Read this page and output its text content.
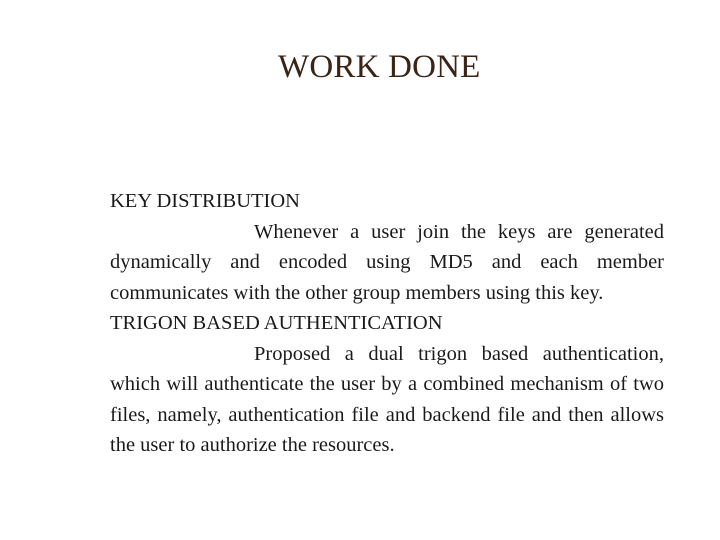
WORK DONE
KEY DISTRIBUTION

Whenever a user join the keys are generated dynamically and encoded using MD5 and each member communicates with the other group members using this key.

TRIGON BASED AUTHENTICATION

Proposed a dual trigon based authentication, which will authenticate the user by a combined mechanism of two files, namely, authentication file and backend file and then allows the user to authorize the resources.
